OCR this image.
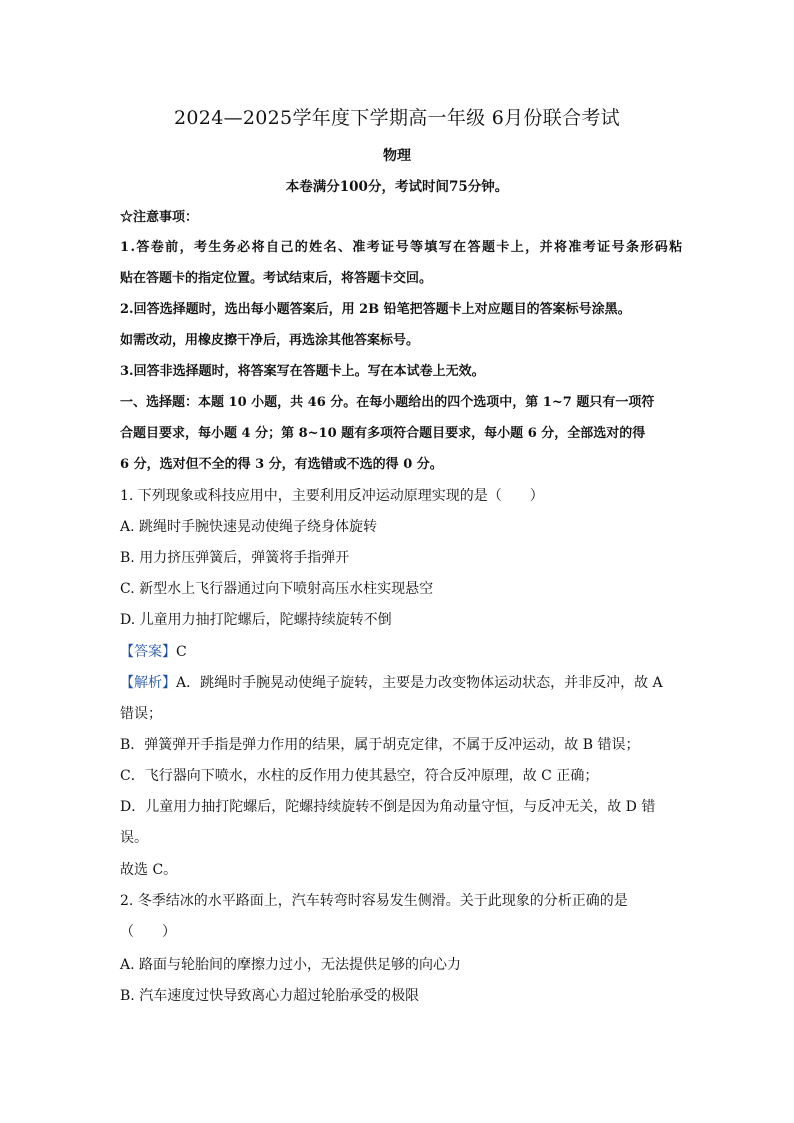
2024—2025学年度下学期高一年级 6月份联合考试
物理
本卷满分100分，考试时间75分钟。
☆注意事项：
1.答卷前，考生务必将自己的姓名、准考证号等填写在答题卡上，并将准考证号条形码粘
贴在答题卡的指定位置。考试结束后，将答题卡交回。
2.回答选择题时，选出每小题答案后，用 2B 铅笔把答题卡上对应题目的答案标号涂黑。
如需改动，用橡皮擦干净后，再选涂其他答案标号。
3.回答非选择题时，将答案写在答题卡上。写在本试卷上无效。
一、选择题：本题 10 小题，共 46 分。在每小题给出的四个选项中，第 1~7 题只有一项符
合题目要求，每小题 4 分；第 8~10 题有多项符合题目要求，每小题 6 分，全部选对的得
6 分，选对但不全的得 3 分，有选错或不选的得 0 分。
1. 下列现象或科技应用中，主要利用反冲运动原理实现的是（　　）
A. 跳绳时手腕快速晃动使绳子绕身体旋转
B. 用力挤压弹簧后，弹簧将手指弹开
C. 新型水上飞行器通过向下喷射高压水柱实现悬空
D. 儿童用力抽打陀螺后，陀螺持续旋转不倒
【答案】C
【解析】A．跳绳时手腕晃动使绳子旋转，主要是力改变物体运动状态，并非反冲，故 A
错误；
B．弹簧弹开手指是弹力作用的结果，属于胡克定律，不属于反冲运动，故 B 错误；
C．飞行器向下喷水，水柱的反作用力使其悬空，符合反冲原理，故 C 正确；
D．儿童用力抽打陀螺后，陀螺持续旋转不倒是因为角动量守恒，与反冲无关，故 D 错
误。
故选 C。
2. 冬季结冰的水平路面上，汽车转弯时容易发生侧滑。关于此现象的分析正确的是
（　　）
A. 路面与轮胎间的摩擦力过小，无法提供足够的向心力
B. 汽车速度过快导致离心力超过轮胎承受的极限
